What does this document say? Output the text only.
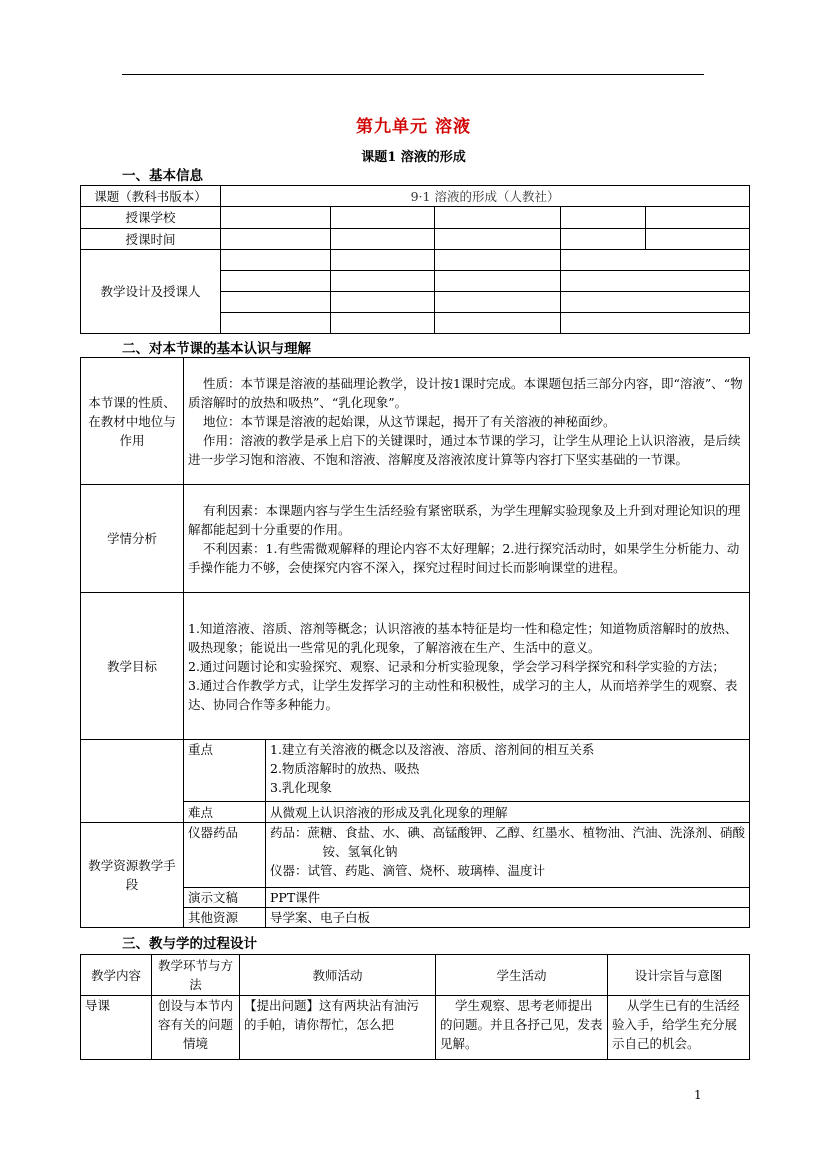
第九单元 溶液
课题1 溶液的形成
一、基本信息
课题（教科书版本）	9·1 溶液的形成（人教社）				
授课学校					
授课时间					
教学设计及授课人					

二、对本节课的基本认识与理解
本节课的性质、在教材中地位与作用	性质：本节课是溶液的基础理论教学，设计按1课时完成。本课题包括三部分内容，即“溶液”、“物质溶解时的放热和吸热”、“乳化现象”。

地位：本节课是溶液的起始课，从这节课起，揭开了有关溶液的神秘面纱。

作用：溶液的教学是承上启下的关键课时，通过本节课的学习，让学生从理论上认识溶液，是后续进一步学习饱和溶液、不饱和溶液、溶解度及溶液浓度计算等内容打下坚实基础的一节课。	

学情分析	有利因素：本课题内容与学生生活经验有紧密联系，为学生理解实验现象及上升到对理论知识的理解都能起到十分重要的作用。

不利因素：1.有些需微观解释的理论内容不太好理解；2.进行探究活动时，如果学生分析能力、动手操作能力不够，会使探究内容不深入，探究过程时间过长而影响课堂的进程。	

教学目标	1.知道溶液、溶质、溶剂等概念；认识溶液的基本特征是均一性和稳定性；知道物质溶解时的放热、吸热现象；能说出一些常见的乳化现象，了解溶液在生产、生活中的意义。

2.通过问题讨论和实验探究、观察、记录和分析实验现象，学会学习科学探究和科学实验的方法；

3.通过合作教学方式，让学生发挥学习的主动性和积极性，成学习的主人，从而培养学生的观察、表达、协同合作等多种能力。	

	重点	1.建立有关溶液的概念以及溶液、溶质、溶剂间的相互关系

2.物质溶解时的放热、吸热

3.乳化现象

	难点	从微观上认识溶液的形成及乳化现象的理解
教学资源教学手段	仪器药品	药品：蔗糖、食盐、水、碘、高锰酸钾、乙醇、红墨水、植物油、汽油、洗涤剂、硝酸铵、氢氧化钠

仪器：试管、药匙、滴管、烧杯、玻璃棒、温度计

	演示文稿	PPT课件
	其他资源	导学案、电子白板
三、教与学的过程设计
教学内容	教学环节与方法	教师活动	学生活动	设计宗旨与意图
导课	创设与本节内容有关的问题情境	【提出问题】这有两块沾有油污的手帕，请你帮忙，怎么把	学生观察、思考老师提出的问题。并且各抒己见，发表见解。	从学生已有的生活经验入手，给学生充分展示自己的机会。
1
